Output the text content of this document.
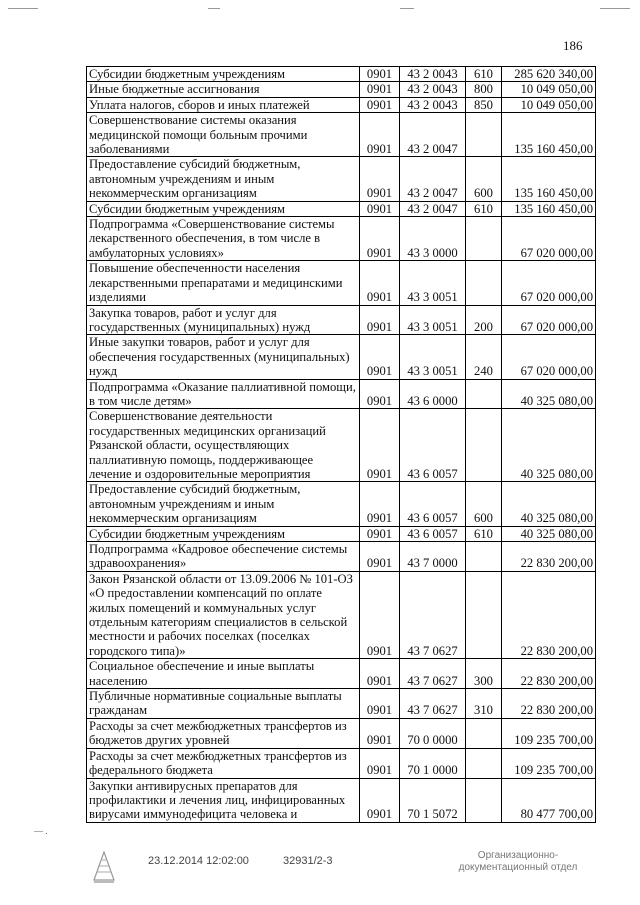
186
Субсидии бюджетным учреждениям	0901	43 2 0043	610	285 620 340,00
Иные бюджетные ассигнования	0901	43 2 0043	800	10 049 050,00
Уплата налогов, сборов и иных платежей	0901	43 2 0043	850	10 049 050,00
Совершенствование системы оказания медицинской помощи больным прочими заболеваниями	0901	43 2 0047		135 160 450,00
Предоставление субсидий бюджетным, автономным учреждениям и иным некоммерческим организациям	0901	43 2 0047	600	135 160 450,00
Субсидии бюджетным учреждениям	0901	43 2 0047	610	135 160 450,00
Подпрограмма «Совершенствование системы лекарственного обеспечения, в том числе в амбулаторных условиях»	0901	43 3 0000		67 020 000,00
Повышение обеспеченности населения лекарственными препаратами и медицинскими изделиями	0901	43 3 0051		67 020 000,00
Закупка товаров, работ и услуг для государственных (муниципальных) нужд	0901	43 3 0051	200	67 020 000,00
Иные закупки товаров, работ и услуг для обеспечения государственных (муниципальных) нужд	0901	43 3 0051	240	67 020 000,00
Подпрограмма «Оказание паллиативной помощи, в том числе детям»	0901	43 6 0000		40 325 080,00
Совершенствование деятельности государственных медицинских организаций Рязанской области, осуществляющих паллиативную помощь, поддерживающее лечение и оздоровительные мероприятия	0901	43 6 0057		40 325 080,00
Предоставление субсидий бюджетным, автономным учреждениям и иным некоммерческим организациям	0901	43 6 0057	600	40 325 080,00
Субсидии бюджетным учреждениям	0901	43 6 0057	610	40 325 080,00
Подпрограмма «Кадровое обеспечение системы здравоохранения»	0901	43 7 0000		22 830 200,00
Закон Рязанской области от 13.09.2006 № 101-ОЗ «О предоставлении компенсаций по оплате жилых помещений и коммунальных услуг отдельным категориям специалистов в сельской местности и рабочих поселках (поселках городского типа)»	0901	43 7 0627		22 830 200,00
Социальное обеспечение и иные выплаты населению	0901	43 7 0627	300	22 830 200,00
Публичные нормативные социальные выплаты гражданам	0901	43 7 0627	310	22 830 200,00
Расходы за счет межбюджетных трансфертов из бюджетов других уровней	0901	70 0 0000		109 235 700,00
Расходы за счет межбюджетных трансфертов из федерального бюджета	0901	70 1 0000		109 235 700,00
Закупки антивирусных препаратов для профилактики и лечения лиц, инфицированных вирусами иммунодефицита человека и	0901	70 1 5072		80 477 700,00
— .
23.12.2014 12:02:00	32931/2-3	Организационно-документационный отдел
